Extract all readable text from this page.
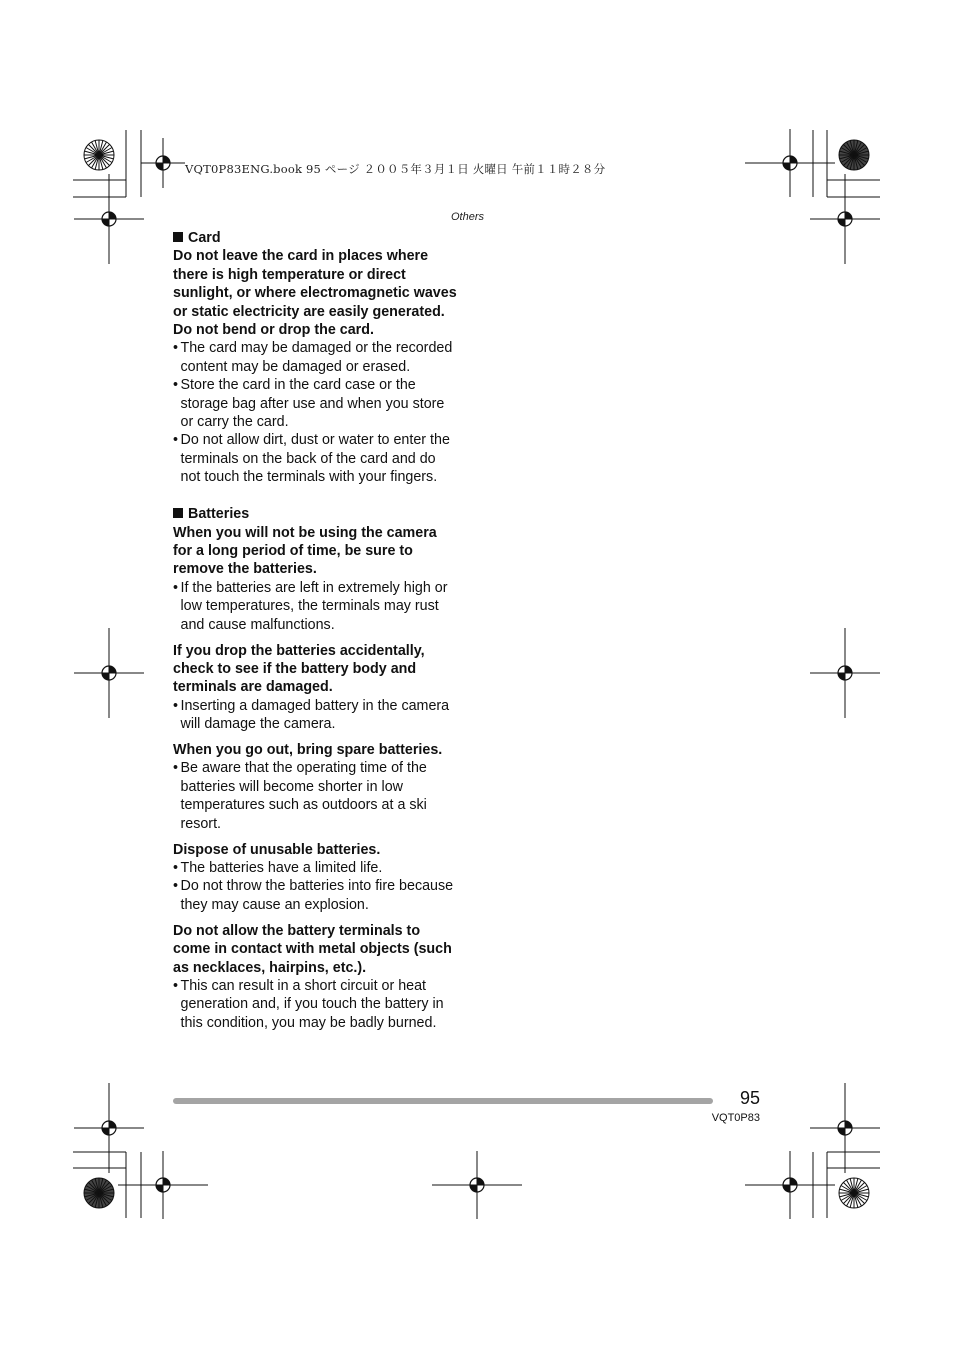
VQT0P83ENG.book 95 ページ ２００５年３月１日 火曜日 午前１１時２８分
Others

Card

Do not leave the card in places where there is high temperature or direct sunlight, or where electromagnetic waves or static electricity are easily generated.

Do not bend or drop the card.

• The card may be damaged or the recorded content may be damaged or erased.

• Store the card in the card case or the storage bag after use and when you store or carry the card.

• Do not allow dirt, dust or water to enter the terminals on the back of the card and do not touch the terminals with your fingers.

Batteries

When you will not be using the camera for a long period of time, be sure to remove the batteries.

• If the batteries are left in extremely high or low temperatures, the terminals may rust and cause malfunctions.

If you drop the batteries accidentally, check to see if the battery body and terminals are damaged.

• Inserting a damaged battery in the camera will damage the camera.

When you go out, bring spare batteries.

• Be aware that the operating time of the batteries will become shorter in low temperatures such as outdoors at a ski resort.

Dispose of unusable batteries.

• The batteries have a limited life.

• Do not throw the batteries into fire because they may cause an explosion.

Do not allow the battery terminals to come in contact with metal objects (such as necklaces, hairpins, etc.).

• This can result in a short circuit or heat generation and, if you touch the battery in this condition, you may be badly burned.

95
VQT0P83
